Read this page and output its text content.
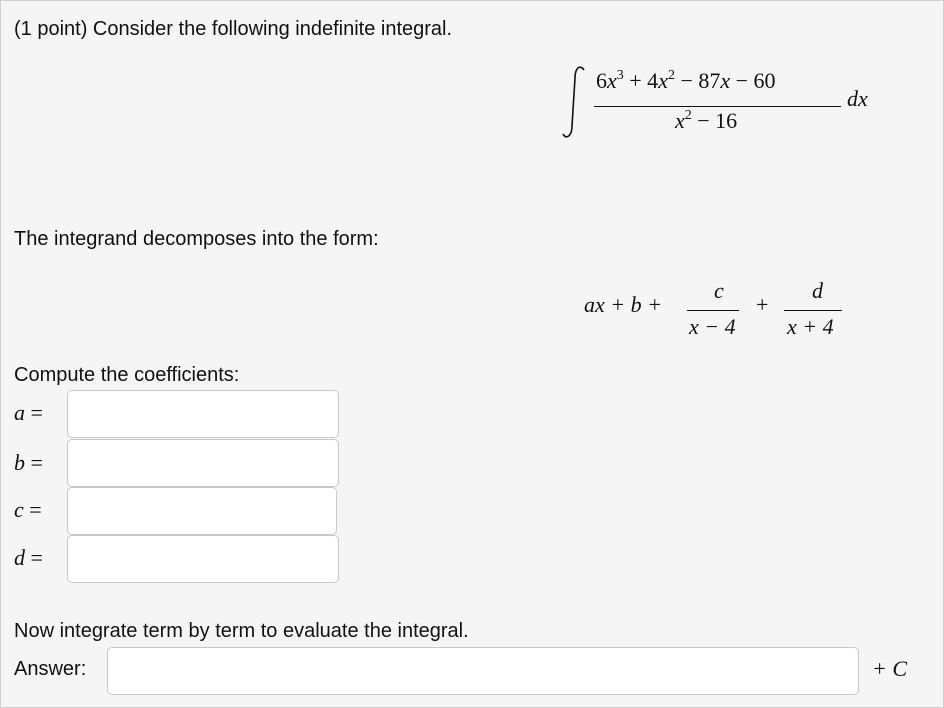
(1 point) Consider the following indefinite integral.
$6x^3 + 4x^2 - 87x - 60$
$x^2 - 16$
dx
The integrand decomposes into the form:
ax + b +
c
x − 4
+
d
x + 4
Compute the coefficients:
a =
b =
c =
d =
Now integrate term by term to evaluate the integral.
Answer:	+ C
